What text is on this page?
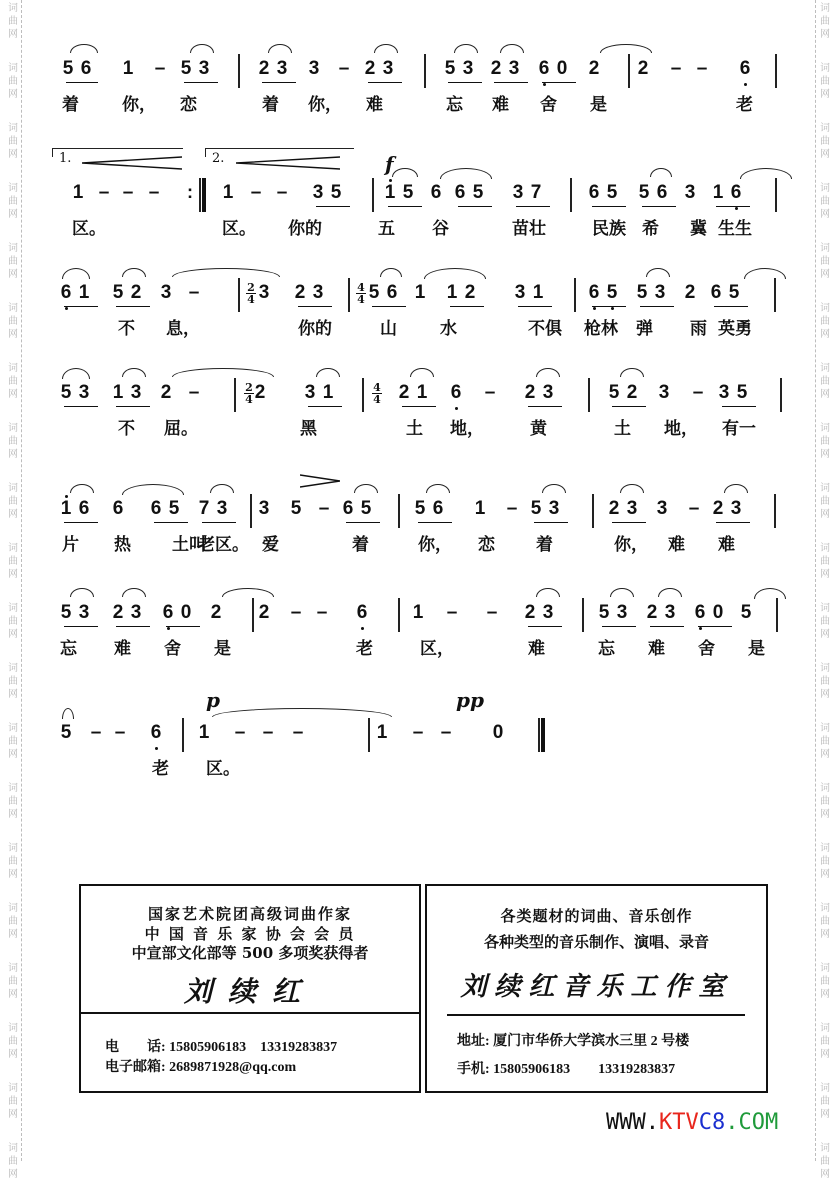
词
曲
网
词
曲
网
词
曲
网
词
曲
网
词
曲
网
词
曲
网
词
曲
网
词
曲
网
词
曲
网
词
曲
网
词
曲
网
词
曲
网
词
曲
网
词
曲
网
词
曲
网
词
曲
网
词
曲
网
词
曲
网
词
曲
网
词
曲
网
词
曲
网
词
曲
网
词
曲
网
词
曲
网
词
曲
网
词
曲
网
词
曲
网
词
曲
网
词
曲
网
词
曲
网
词
曲
网
词
曲
网
词
曲
网
词
曲
网
词
曲
网
词
曲
网
词
曲
网
词
曲
网
词
曲
网
词
曲
网
5 6 1 – 5 3	2 3 3 – 2 3	5 3 2 3 6 0 2 2 – – 6
着	你， 恋	着 你， 难	忘 难 舍 是	老
1.	2.
1 – – – : 1 – – 3 5
f
1 5 6 6 5 3 7 6 5 5 6 3 1 6
区。	区。 你的	五 谷	苗壮	民族 希 冀 生生
6 1 5 2 3 –	2
4 3 2 3	4
4 5 6 1 1 2 3 1 6 5 5 3 2 6 5
不 息，	你的	山	水	不俱 枪林 弹 雨 英勇
5 3 1 3 2 –	2
4 2 3 1	4
4 2 1 6 – 2 3	5 2 3 – 3 5
不 屈。	黑	土 地，	黄	土 地， 有一
1 6 6 6 5 7 3 3 5 – 6 5 5 6 1 – 5 3	2 3 3 – 2 3
片 热 土叫
老区。 爱	着	你， 恋 着	你， 难 难
5 3 2 3 6 0 2 2 – – 6 1 – – 2 3 5 3 2 3 6 0 5
忘 难 舍 是	老	区，	难	忘 难 舍 是
5 – – 6
p
1 – – –
pp
1 – – 0
老 区。
国家艺术院团高级词曲作家
中 国 音 乐 家 协 会 会 员
中宣部文化部等 500 多项奖获得者
刘续红
电　　话: 15805906183    13319283837
电子邮箱: 2689871928@qq.com
各类题材的词曲、音乐创作
各种类型的音乐制作、演唱、录音
刘续红音乐工作室
地址: 厦门市华侨大学滨水三里 2 号楼
手机: 15805906183        13319283837
WWW.KTVC8.COM
